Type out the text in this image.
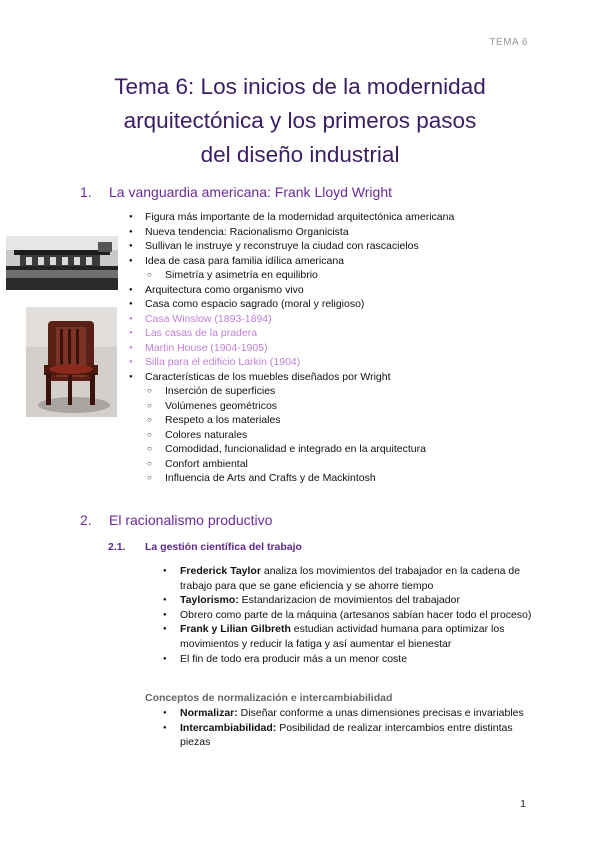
TEMA 6
Tema 6: Los inicios de la modernidad
arquitectónica y los primeros pasos
del diseño industrial
1. La vanguardia americana: Frank Lloyd Wright
● Figura más importante de la modernidad arquitectónica americana
● Nueva tendencia: Racionalismo Organicista
● Sullivan le instruye y reconstruye la ciudad con rascacielos
● Idea de casa para familia idílica americana
○ Simetría y asimetría en equilibrio
● Arquitectura como organismo vivo
● Casa como espacio sagrado (moral y religioso)
● Casa Winslow (1893-1894)
● Las casas de la pradera
● Martin House (1904-1905)
● Silla para el edificio Larkin (1904)
● Características de los muebles diseñados por Wright
○ Inserción de superficies
○ Volúmenes geométricos
○ Respeto a los materiales
○ Colores naturales
○ Comodidad, funcionalidad e integrado en la arquitectura
○ Confort ambiental
○ Influencia de Arts and Crafts y de Mackintosh
2. El racionalismo productivo
2.1. La gestión científica del trabajo
● Frederick Taylor analiza los movimientos del trabajador en la cadena de trabajo para que se gane eficiencia y se ahorre tiempo
● Taylorismo: Estandarizacion de movimientos del trabajador
● Obrero como parte de la máquina (artesanos sabían hacer todo el proceso)
● Frank y Lilian Gilbreth estudian actividad humana para optimizar los movimientos y reducir la fatiga y así aumentar el bienestar
● El fin de todo era producir más a un menor coste
Conceptos de normalización e intercambiabilidad
● Normalizar: Diseñar conforme a unas dimensiones precisas e invariables
● Intercambiabilidad: Posibilidad de realizar intercambios entre distintas piezas
1
